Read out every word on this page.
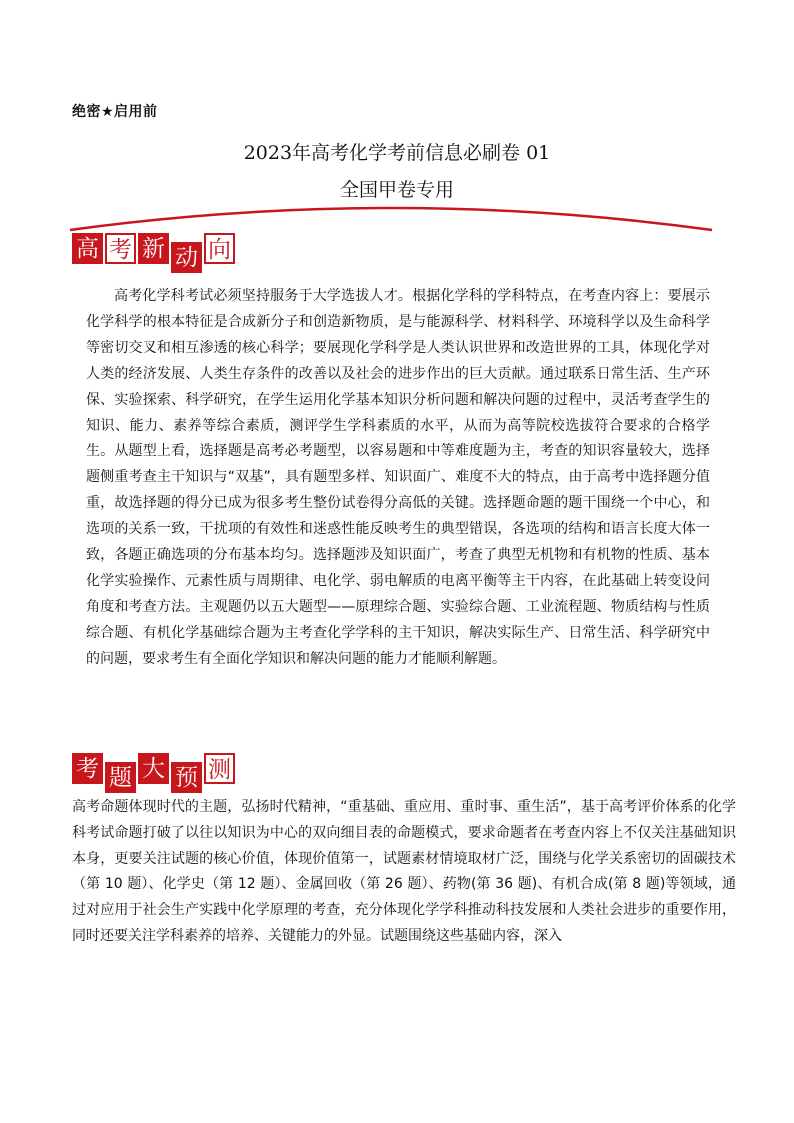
绝密★启用前
2023年高考化学考前信息必刷卷 01
全国甲卷专用
高 考 新 动 向

高考化学科考试必须坚持服务于大学选拔人才。根据化学科的学科特点，在考查内容上：要展示化学科学的根本特征是合成新分子和创造新物质，是与能源科学、材料科学、环境科学以及生命科学等密切交叉和相互渗透的核心科学；要展现化学科学是人类认识世界和改造世界的工具，体现化学对人类的经济发展、人类生存条件的改善以及社会的进步作出的巨大贡献。通过联系日常生活、生产环保、实验探索、科学研究，在学生运用化学基本知识分析问题和解决问题的过程中，灵活考查学生的知识、能力、素养等综合素质，测评学生学科素质的水平，从而为高等院校选拔符合要求的合格学生。从题型上看，选择题是高考必考题型，以容易题和中等难度题为主，考查的知识容量较大，选择题侧重考查主干知识与“双基”，具有题型多样、知识面广、难度不大的特点，由于高考中选择题分值重，故选择题的得分已成为很多考生整份试卷得分高低的关键。选择题命题的题干围绕一个中心，和选项的关系一致，干扰项的有效性和迷惑性能反映考生的典型错误，各选项的结构和语言长度大体一致，各题正确选项的分布基本均匀。选择题涉及知识面广，考查了典型无机物和有机物的性质、基本化学实验操作、元素性质与周期律、电化学、弱电解质的电离平衡等主干内容，在此基础上转变设问角度和考查方法。主观题仍以五大题型——原理综合题、实验综合题、工业流程题、物质结构与性质综合题、有机化学基础综合题为主考查化学学科的主干知识，解决实际生产、日常生活、科学研究中的问题，要求考生有全面化学知识和解决问题的能力才能顺利解题。

考 题 大 预 测

高考命题体现时代的主题，弘扬时代精神，“重基础、重应用、重时事、重生活”，基于高考评价体系的化学科考试命题打破了以往以知识为中心的双向细目表的命题模式，要求命题者在考查内容上不仅关注基础知识本身，更要关注试题的核心价值，体现价值第一，试题素材情境取材广泛，围绕与化学关系密切的固碳技术（第 10 题）、化学史（第 12 题）、金属回收（第 26 题）、药物(第 36 题)、有机合成(第 8 题)等领域，通过对应用于社会生产实践中化学原理的考查，充分体现化学学科推动科技发展和人类社会进步的重要作用，同时还要关注学科素养的培养、关键能力的外显。试题围绕这些基础内容，深入
